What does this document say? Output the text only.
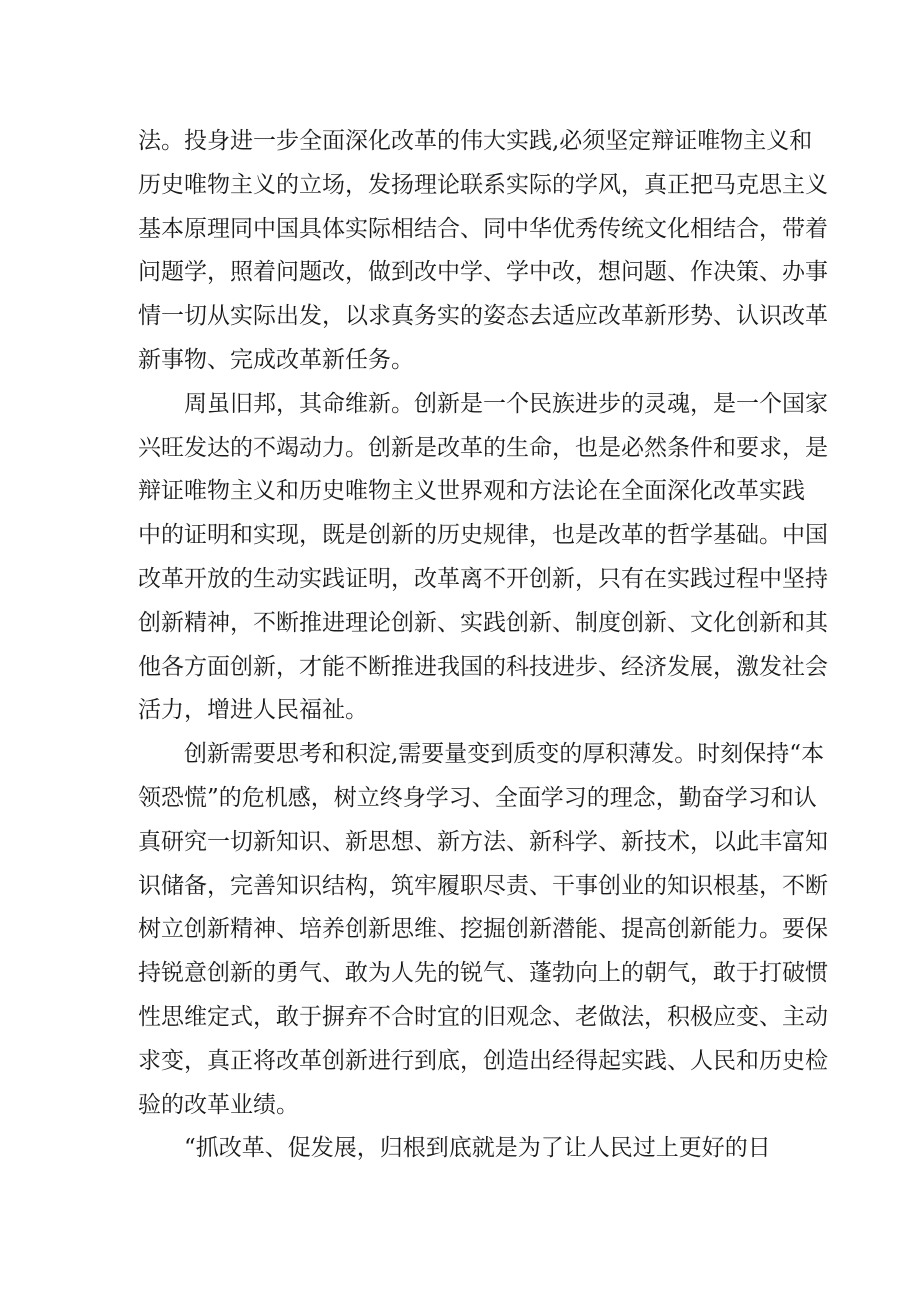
法。投身进一步全面深化改革的伟大实践,必须坚定辩证唯物主义和
历史唯物主义的立场，发扬理论联系实际的学风，真正把马克思主义
基本原理同中国具体实际相结合、同中华优秀传统文化相结合，带着
问题学，照着问题改，做到改中学、学中改，想问题、作决策、办事
情一切从实际出发，以求真务实的姿态去适应改革新形势、认识改革
新事物、完成改革新任务。
周虽旧邦，其命维新。创新是一个民族进步的灵魂，是一个国家
兴旺发达的不竭动力。创新是改革的生命，也是必然条件和要求，是
辩证唯物主义和历史唯物主义世界观和方法论在全面深化改革实践
中的证明和实现，既是创新的历史规律，也是改革的哲学基础。中国
改革开放的生动实践证明，改革离不开创新，只有在实践过程中坚持
创新精神，不断推进理论创新、实践创新、制度创新、文化创新和其
他各方面创新，才能不断推进我国的科技进步、经济发展，激发社会
活力，增进人民福祉。
创新需要思考和积淀,需要量变到质变的厚积薄发。时刻保持“本
领恐慌”的危机感，树立终身学习、全面学习的理念，勤奋学习和认
真研究一切新知识、新思想、新方法、新科学、新技术，以此丰富知
识储备，完善知识结构，筑牢履职尽责、干事创业的知识根基，不断
树立创新精神、培养创新思维、挖掘创新潜能、提高创新能力。要保
持锐意创新的勇气、敢为人先的锐气、蓬勃向上的朝气，敢于打破惯
性思维定式，敢于摒弃不合时宜的旧观念、老做法，积极应变、主动
求变，真正将改革创新进行到底，创造出经得起实践、人民和历史检
验的改革业绩。
“抓改革、促发展，归根到底就是为了让人民过上更好的日
